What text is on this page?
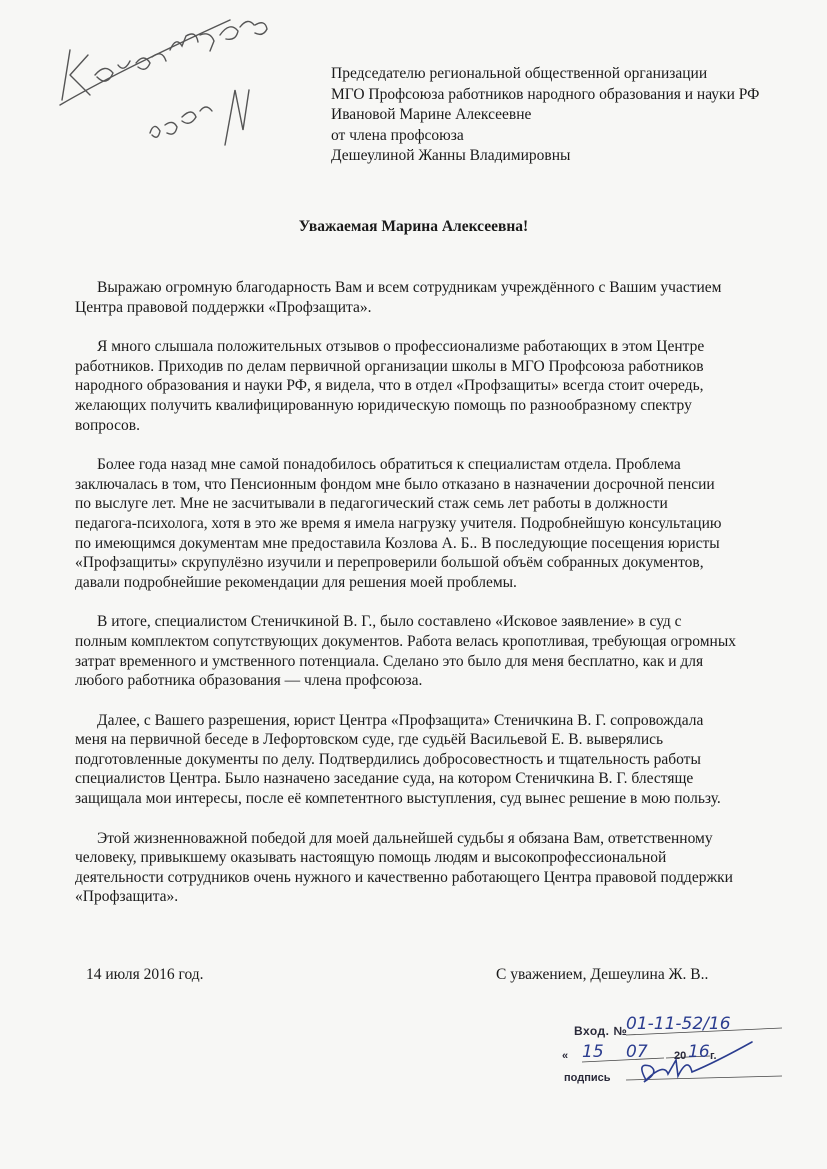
Председателю региональной общественной организации
МГО Профсоюза работников народного образования и науки РФ
Ивановой Марине Алексеевне
от члена профсоюза
Дешеулиной Жанны Владимировны
Уважаемая Марина Алексеевна!

Выражаю огромную благодарность Вам и всем сотрудникам учреждённого с Вашим участием
Центра правовой поддержки «Профзащита».

Я много слышала положительных отзывов о профессионализме работающих в этом Центре
работников. Приходив по делам первичной организации школы в МГО Профсоюза работников
народного образования и науки РФ, я видела, что в отдел «Профзащиты» всегда стоит очередь,
желающих получить квалифицированную юридическую помощь по разнообразному спектру
вопросов.

Более года назад мне самой понадобилось обратиться к специалистам отдела. Проблема
заключалась в том, что Пенсионным фондом мне было отказано в назначении досрочной пенсии
по выслуге лет. Мне не засчитывали в педагогический стаж семь лет работы в должности
педагога-психолога, хотя в это же время я имела нагрузку учителя. Подробнейшую консультацию
по имеющимся документам мне предоставила Козлова А. Б.. В последующие посещения юристы
«Профзащиты» скрупулёзно изучили и перепроверили большой объём собранных документов,
давали подробнейшие рекомендации для решения моей проблемы.

В итоге, специалистом Стеничкиной В. Г., было составлено «Исковое заявление» в суд с
полным комплектом сопутствующих документов. Работа велась кропотливая, требующая огромных
затрат временного и умственного потенциала. Сделано это было для меня бесплатно, как и для
любого работника образования — члена профсоюза.

Далее, с Вашего разрешения, юрист Центра «Профзащита» Стеничкина В. Г. сопровождала
меня на первичной беседе в Лефортовском суде, где судьёй Васильевой Е. В. выверялись
подготовленные документы по делу. Подтвердились добросовестность и тщательность работы
специалистов Центра. Было назначено заседание суда, на котором Стеничкина В. Г. блестяще
защищала мои интересы, после её компетентного выступления, суд вынес решение в мою пользу.

Этой жизненноважной победой для моей дальнейшей судьбы я обязана Вам, ответственному
человеку, привыкшему оказывать настоящую помощь людям и высокопрофессиональной
деятельности сотрудников очень нужного и качественно работающего Центра правовой поддержки
«Профзащита».

14 июля 2016 год.	С уважением, Дешеулина Ж. В..
Вход. №
01-11-52/16
« 15 07 20 16 г.
подпись
